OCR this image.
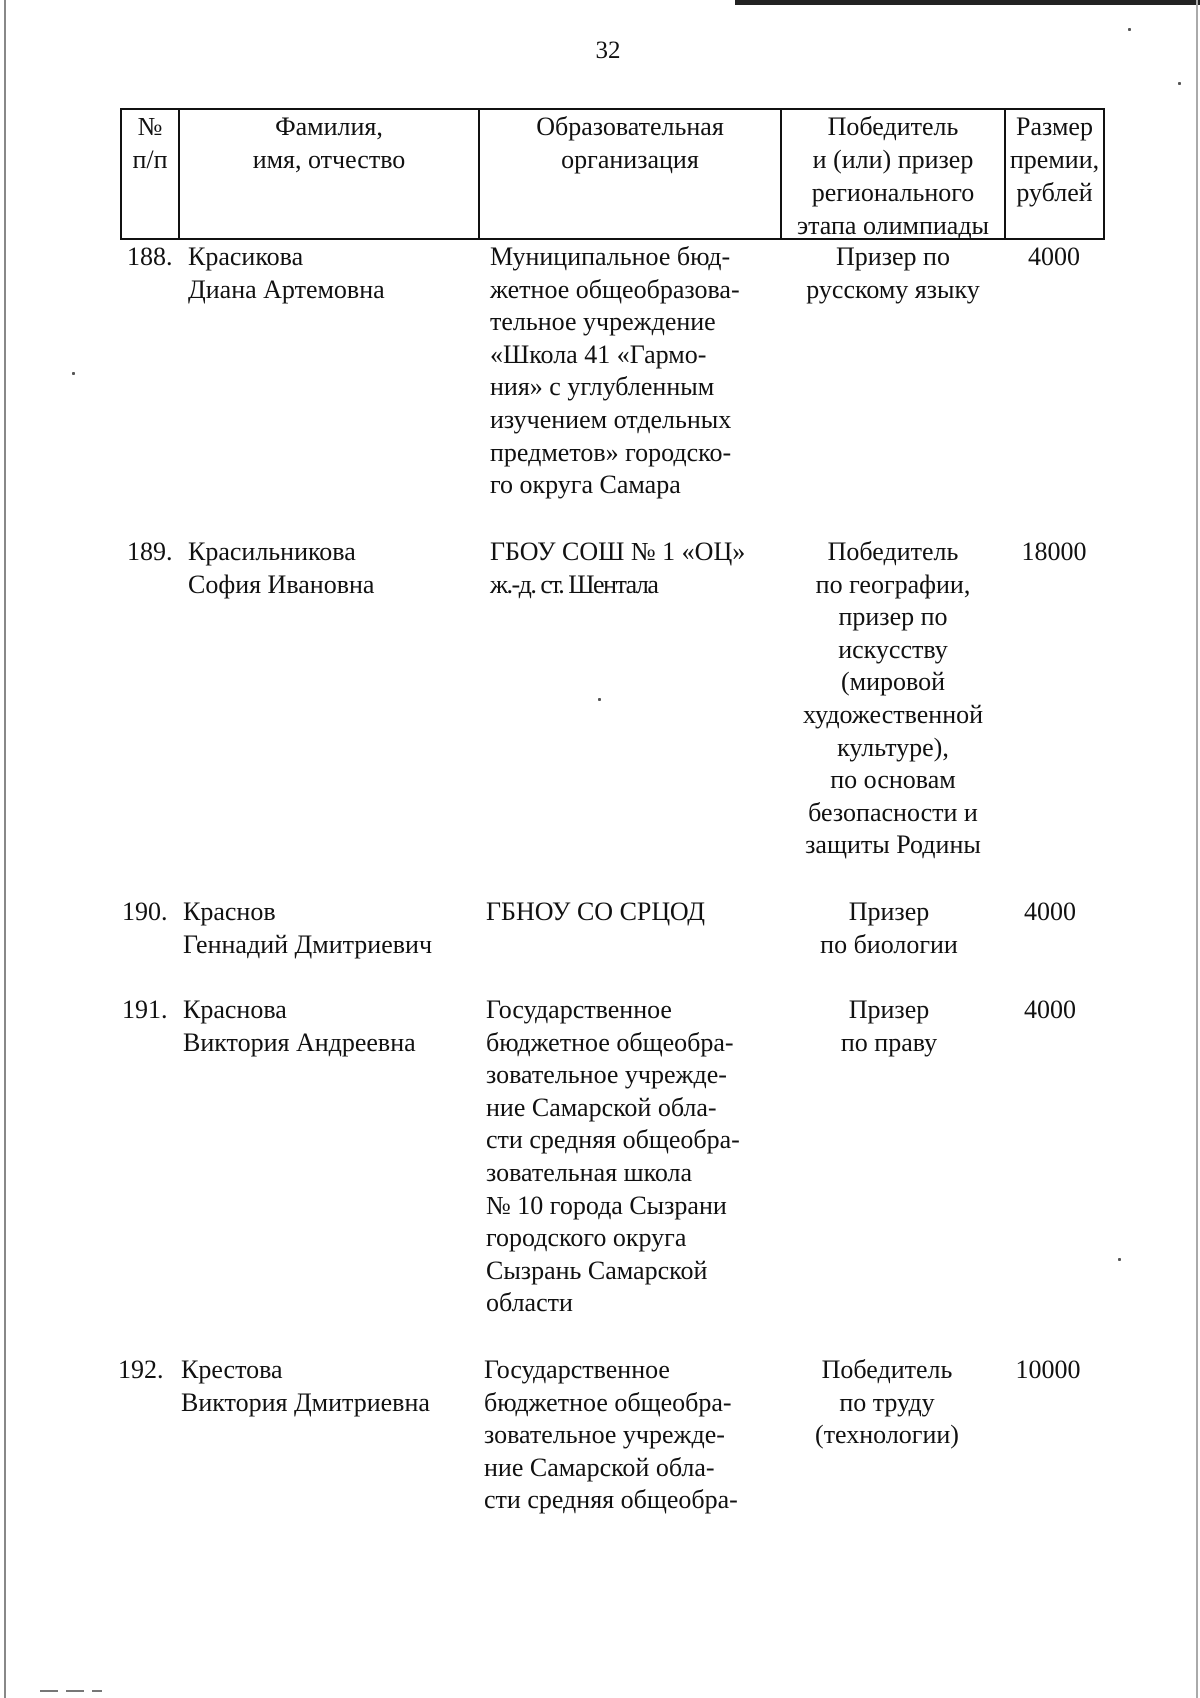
32
№
п/п
Фамилия,
имя, отчество
Образовательная
организация
Победитель
и (или) призер
регионального
этапа олимпиады
Размер
премии,
рублей
188. Красикова
Диана Артемовна
Муниципальное бюд-
жетное общеобразова-
тельное учреждение
«Школа 41 «Гармо-
ния» с углубленным
изучением отдельных
предметов» городско-
го округа Самара
Призер по
русскому языку
4000
189. Красильникова
София Ивановна
ГБОУ СОШ № 1 «ОЦ»
ж.-д. ст. Шентала
Победитель
по географии,
призер по
искусству
(мировой
художественной
культуре),
по основам
безопасности и
защиты Родины
18000
190. Краснов
Геннадий Дмитриевич
ГБНОУ СО СРЦОД	Призер
по биологии
4000
191. Краснова
Виктория Андреевна
Государственное
бюджетное общеобра-
зовательное учрежде-
ние Самарской обла-
сти средняя общеобра-
зовательная школа
№ 10 города Сызрани
городского округа
Сызрань Самарской
области
Призер
по праву
4000
192. Крестова
Виктория Дмитриевна
Государственное
бюджетное общеобра-
зовательное учрежде-
ние Самарской обла-
сти средняя общеобра-
Победитель
по труду
(технологии)
10000
